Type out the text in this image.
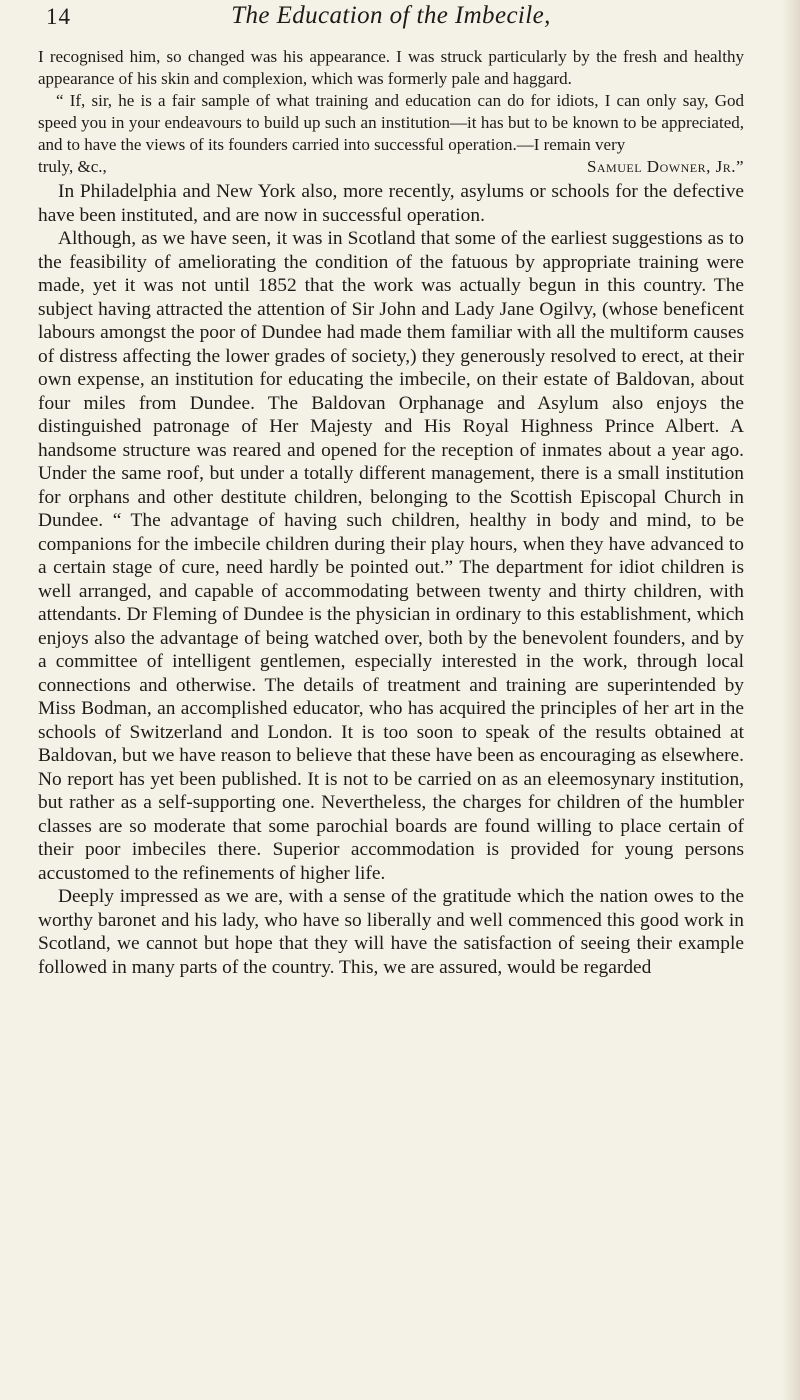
14	The Education of the Imbecile,

I recognised him, so changed was his appearance. I was struck particularly by the fresh and healthy appearance of his skin and complexion, which was formerly pale and haggard.

“ If, sir, he is a fair sample of what training and education can do for idiots, I can only say, God speed you in your endeavours to build up such an institution—it has but to be known to be appreciated, and to have the views of its founders carried into successful operation.—I remain very

truly, &c.,	Samuel Downer, Jr.”

In Philadelphia and New York also, more recently, asylums or schools for the defective have been instituted, and are now in successful operation.

Although, as we have seen, it was in Scotland that some of the earliest suggestions as to the feasibility of ameliorating the condition of the fatuous by appropriate training were made, yet it was not until 1852 that the work was actually begun in this country. The subject having attracted the attention of Sir John and Lady Jane Ogilvy, (whose beneficent labours amongst the poor of Dundee had made them familiar with all the multiform causes of distress affecting the lower grades of society,) they generously resolved to erect, at their own expense, an institution for educating the imbecile, on their estate of Baldovan, about four miles from Dundee. The Baldovan Orphanage and Asylum also enjoys the distinguished patronage of Her Majesty and His Royal Highness Prince Albert. A handsome structure was reared and opened for the reception of inmates about a year ago. Under the same roof, but under a totally different management, there is a small institution for orphans and other destitute children, belonging to the Scottish Episcopal Church in Dundee. “ The advantage of having such children, healthy in body and mind, to be companions for the imbecile children during their play hours, when they have advanced to a certain stage of cure, need hardly be pointed out.” The department for idiot children is well arranged, and capable of accommodating between twenty and thirty children, with attendants. Dr Fleming of Dundee is the physician in ordinary to this establishment, which enjoys also the advantage of being watched over, both by the benevolent founders, and by a committee of intelligent gentlemen, especially interested in the work, through local connections and otherwise. The details of treatment and training are superintended by Miss Bodman, an accomplished educator, who has acquired the principles of her art in the schools of Switzerland and London. It is too soon to speak of the results obtained at Baldovan, but we have reason to believe that these have been as encouraging as elsewhere. No report has yet been published. It is not to be carried on as an eleemosynary institution, but rather as a self-supporting one. Nevertheless, the charges for children of the humbler classes are so moderate that some parochial boards are found willing to place certain of their poor imbeciles there. Superior accommodation is provided for young persons accustomed to the refinements of higher life.

Deeply impressed as we are, with a sense of the gratitude which the nation owes to the worthy baronet and his lady, who have so liberally and well commenced this good work in Scotland, we cannot but hope that they will have the satisfaction of seeing their example followed in many parts of the country. This, we are assured, would be regarded
